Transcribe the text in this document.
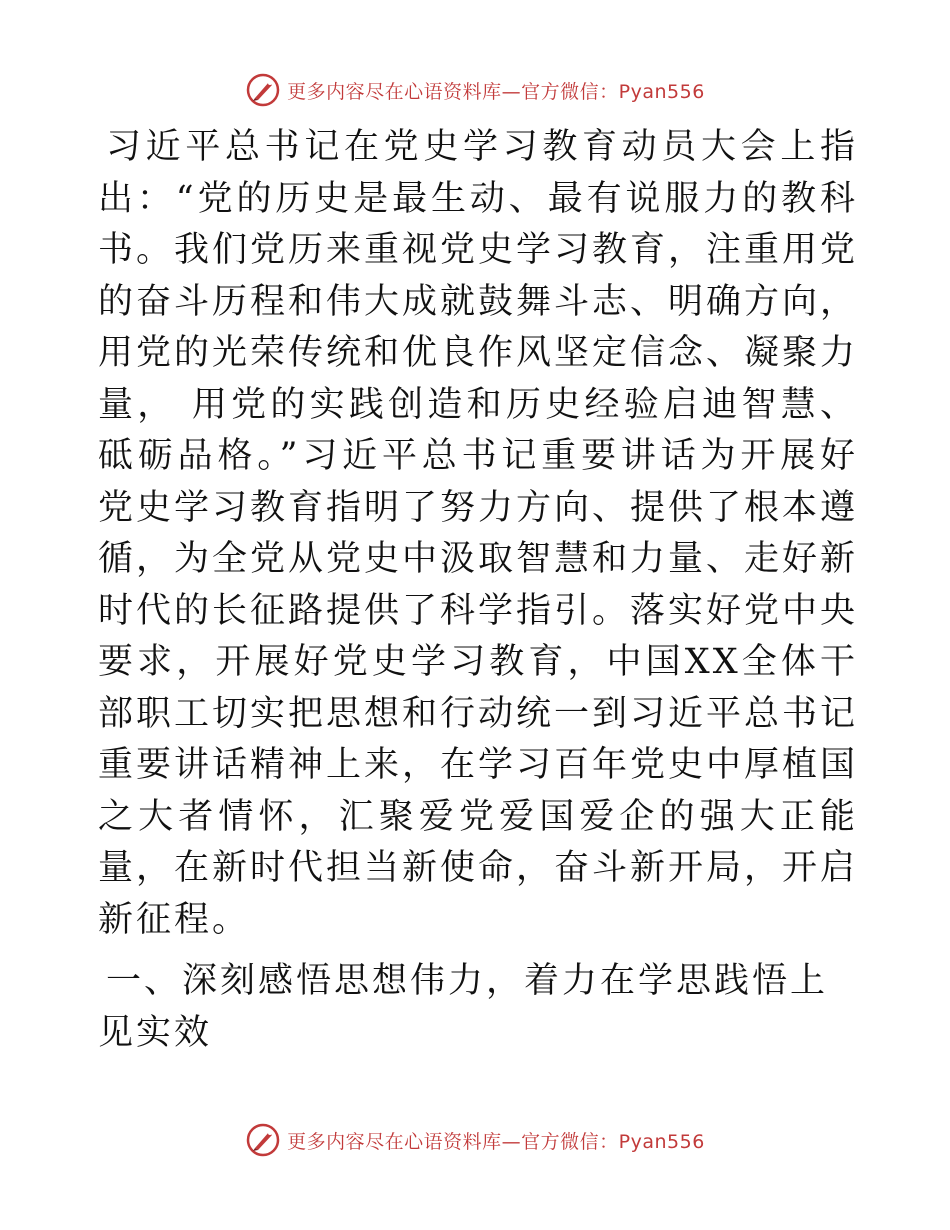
更多内容尽在心语资料库—官方微信：Pyan556

习近平总书记在党史学习教育动员大会上指出：“党的历史是最生动、最有说服力的教科书。我们党历来重视党史学习教育，注重用党的奋斗历程和伟大成就鼓舞斗志、明确方向，用党的光荣传统和优良作风坚定信念、凝聚力量， 用党的实践创造和历史经验启迪智慧、砥砺品格。”习近平总书记重要讲话为开展好党史学习教育指明了努力方向、提供了根本遵循，为全党从党史中汲取智慧和力量、走好新时代的长征路提供了科学指引。落实好党中央要求，开展好党史学习教育，中国XX全体干部职工切实把思想和行动统一到习近平总书记重要讲话精神上来，在学习百年党史中厚植国之大者情怀，汇聚爱党爱国爱企的强大正能量，在新时代担当新使命，奋斗新开局，开启新征程。

一、深刻感悟思想伟力，着力在学思践悟上见实效

更多内容尽在心语资料库—官方微信：Pyan556
